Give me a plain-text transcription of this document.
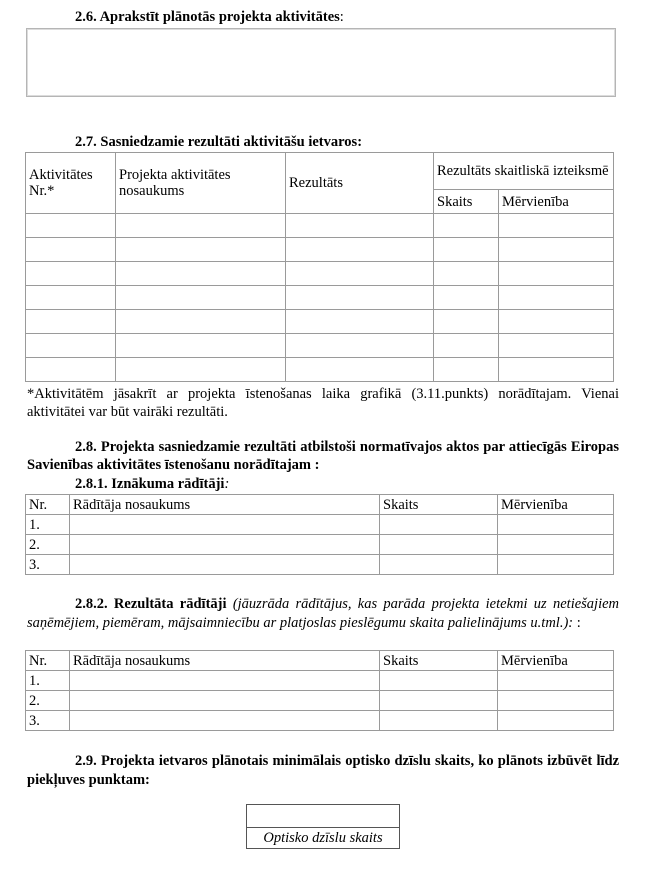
2.6. Aprakstīt plānotās projekta aktivitātes:
2.7. Sasniedzamie rezultāti aktivitāšu ietvaros:
Aktivitātes Nr.*	Projekta aktivitātes nosaukums	Rezultāts	Rezultāts skaitliskā izteiksmē	
			Skaits	Mērvienība

*Aktivitātēm jāsakrīt ar projekta īstenošanas laika grafikā (3.11.punkts) norādītajam. Vienai aktivitātei var būt vairāki rezultāti.
2.8. Projekta sasniedzamie rezultāti atbilstoši normatīvajos aktos par attiecīgās Eiropas Savienības aktivitātes īstenošanu norādītajam :
2.8.1. Iznākuma rādītāji:
Nr.	Rādītāja nosaukums	Skaits	Mērvienība
1.			
2.			
3.			
2.8.2. Rezultāta rādītāji (jāuzrāda rādītājus, kas parāda projekta ietekmi uz netiešajiem saņēmējiem, piemēram, mājsaimniecību ar platjoslas pieslēgumu skaita palielinājums u.tml.): :
Nr.	Rādītāja nosaukums	Skaits	Mērvienība
1.			
2.			
3.			
2.9. Projekta ietvaros plānotais minimālais optisko dzīslu skaits, ko plānots izbūvēt līdz piekļuves punktam:
Optisko dzīslu skaits
